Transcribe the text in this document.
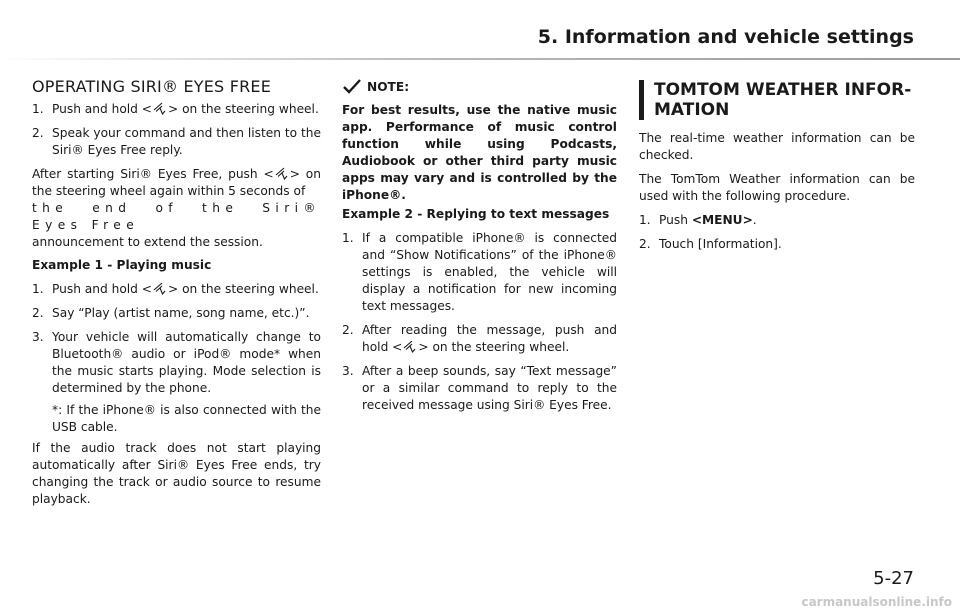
5. Information and vehicle settings
OPERATING SIRI® EYES FREE
1. Push and hold < > on the steering wheel.
2. Speak your command and then listen to the Siri® Eyes Free reply.
After starting Siri® Eyes Free, push < > on the steering wheel again within 5 seconds of
the end of the Siri® Eyes Free
announcement to extend the session.
Example 1 - Playing music
1. Push and hold < > on the steering wheel.
2. Say “Play (artist name, song name, etc.)”.
3. Your vehicle will automatically change to Bluetooth® audio or iPod® mode* when the music starts playing. Mode selection is determined by the phone.
*: If the iPhone® is also connected with the USB cable.
If the audio track does not start playing automatically after Siri® Eyes Free ends, try changing the track or audio source to resume playback.
NOTE:
For best results, use the native music app. Performance of music control function while using Podcasts, Audiobook or other third party music apps may vary and is controlled by the iPhone®.
Example 2 - Replying to text messages
1. If a compatible iPhone® is connected and “Show Notifications” of the iPhone® settings is enabled, the vehicle will display a notification for new incoming text messages.
2. After reading the message, push and hold < > on the steering wheel.
3. After a beep sounds, say “Text message” or a similar command to reply to the received message using Siri® Eyes Free.
TOMTOM WEATHER INFOR-
MATION
The real-time weather information can be checked.
The TomTom Weather information can be used with the following procedure.
1. Push <MENU>.
2. Touch [Information].
5-27
carmanualsonline.info
